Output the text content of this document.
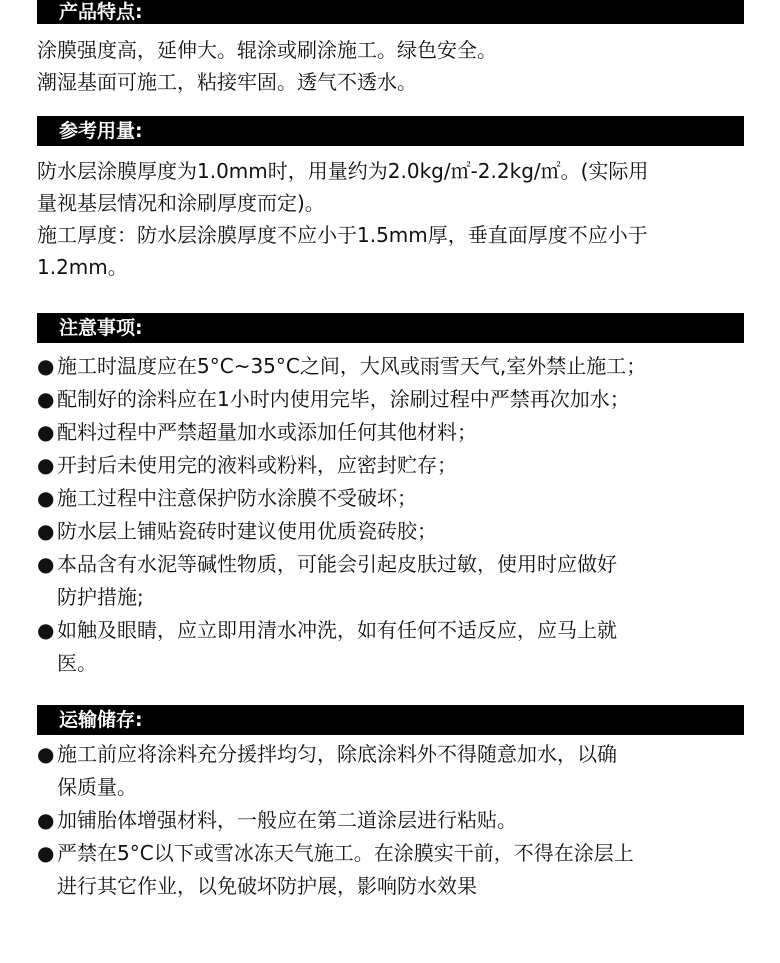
产品特点:
涂膜强度高，延伸大。辊涂或刷涂施工。绿色安全。
潮湿基面可施工，粘接牢固。透气不透水。
参考用量:
防水层涂膜厚度为1.0mm时，用量约为2.0kg/㎡-2.2kg/㎡。(实际用
量视基层情况和涂刷厚度而定)。
施工厚度：防水层涂膜厚度不应小于1.5mm厚，垂直面厚度不应小于
1.2mm。
注意事项:
● 施工时温度应在5°C~35°C之间，大风或雨雪天气,室外禁止施工；
● 配制好的涂料应在1小时内使用完毕，涂刷过程中严禁再次加水；
● 配料过程中严禁超量加水或添加任何其他材料；
● 开封后未使用完的液料或粉料，应密封贮存；
● 施工过程中注意保护防水涂膜不受破坏；
● 防水层上铺贴瓷砖时建议使用优质瓷砖胶；
● 本品含有水泥等碱性物质，可能会引起皮肤过敏，使用时应做好
防护措施;
● 如触及眼睛，应立即用清水冲洗，如有任何不适反应，应马上就
医。
运输储存:
● 施工前应将涂料充分援拌均匀，除底涂料外不得随意加水，以确
保质量。
● 加铺胎体增强材料，一般应在第二道涂层进行粘贴。
● 严禁在5°C以下或雪冰冻天气施工。在涂膜实干前，不得在涂层上
进行其它作业，以免破坏防护展，影响防水效果
